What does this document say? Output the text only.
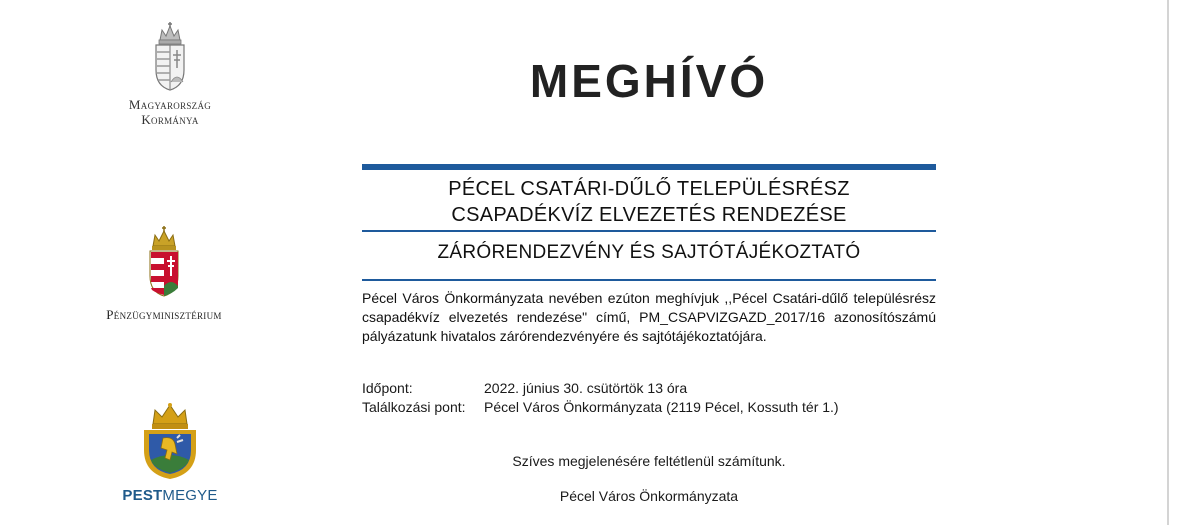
Magyarország
Kormánya
Pénzügyminisztérium
PESTMEGYE
MEGHÍVÓ
PÉCEL CSATÁRI-DŰLŐ TELEPÜLÉSRÉSZ
CSAPADÉKVÍZ ELVEZETÉS RENDEZÉSE
ZÁRÓRENDEZVÉNY ÉS SAJTÓTÁJÉKOZTATÓ
Pécel Város Önkormányzata nevében ezúton meghívjuk ,,Pécel Csatári-dűlő településrész csapadékvíz elvezetés rendezése" című, PM_CSAPVIZGAZD_2017/16 azonosítószámú pályázatunk hivatalos zárórendezvényére és sajtótájékoztatójára.
Időpont:	2022. június 30. csütörtök 13 óra
Találkozási pont:	Pécel Város Önkormányzata (2119 Pécel, Kossuth tér 1.)
Szíves megjelenésére feltétlenül számítunk.
Pécel Város Önkormányzata
